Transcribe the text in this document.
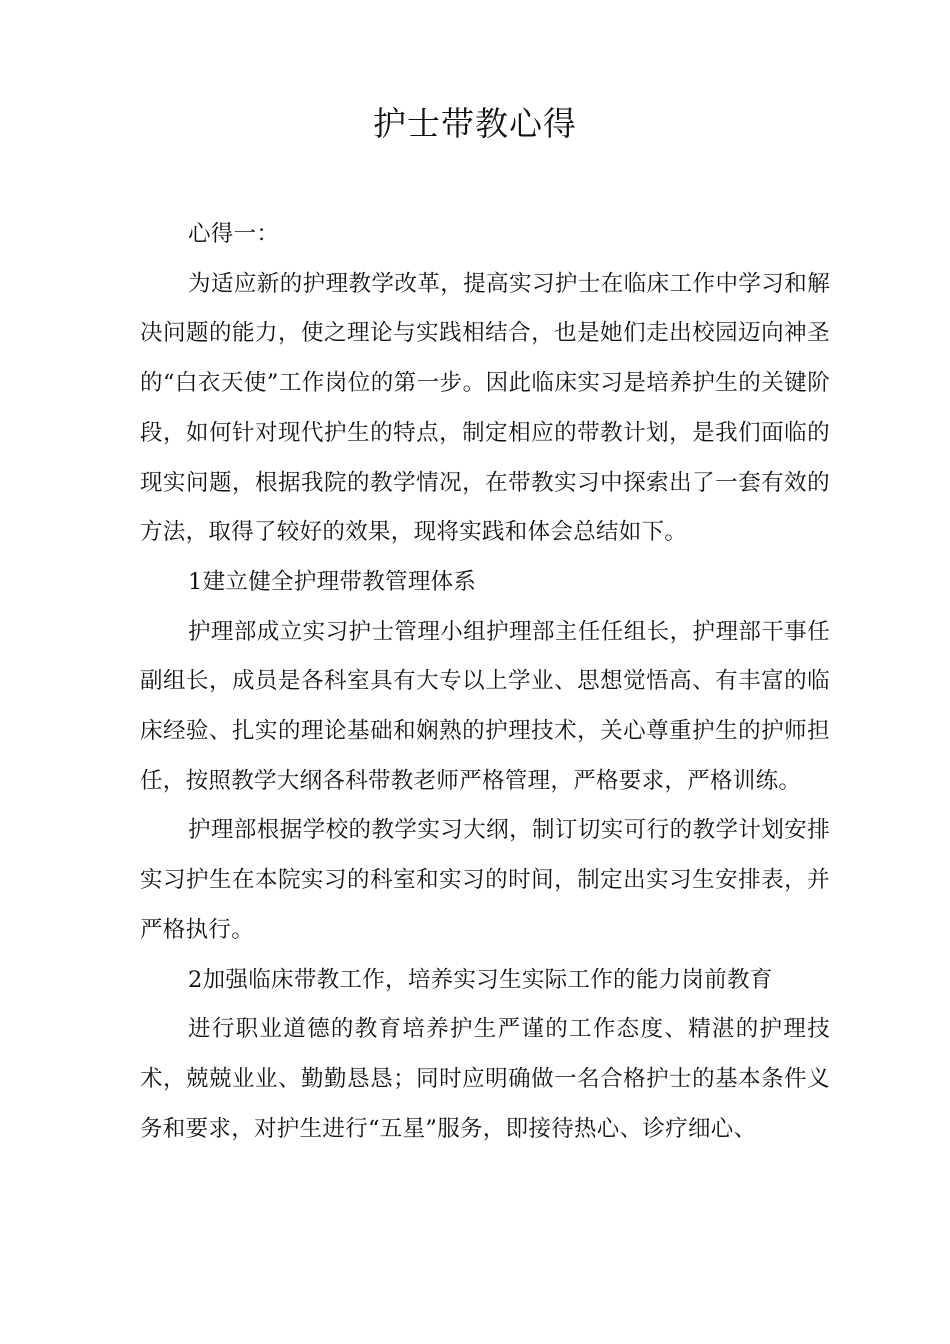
护士带教心得

心得一：

为适应新的护理教学改革，提高实习护士在临床工作中学习和解决问题的能力，使之理论与实践相结合，也是她们走出校园迈向神圣的“白衣天使”工作岗位的第一步。因此临床实习是培养护生的关键阶段，如何针对现代护生的特点，制定相应的带教计划，是我们面临的现实问题，根据我院的教学情况，在带教实习中探索出了一套有效的方法，取得了较好的效果，现将实践和体会总结如下。

1建立健全护理带教管理体系

护理部成立实习护士管理小组护理部主任任组长，护理部干事任副组长，成员是各科室具有大专以上学业、思想觉悟高、有丰富的临床经验、扎实的理论基础和娴熟的护理技术，关心尊重护生的护师担任，按照教学大纲各科带教老师严格管理，严格要求，严格训练。

护理部根据学校的教学实习大纲，制订切实可行的教学计划安排实习护生在本院实习的科室和实习的时间，制定出实习生安排表，并严格执行。

2加强临床带教工作，培养实习生实际工作的能力岗前教育

进行职业道德的教育培养护生严谨的工作态度、精湛的护理技术，兢兢业业、勤勤恳恳；同时应明确做一名合格护士的基本条件义务和要求，对护生进行“五星”服务，即接待热心、诊疗细心、
